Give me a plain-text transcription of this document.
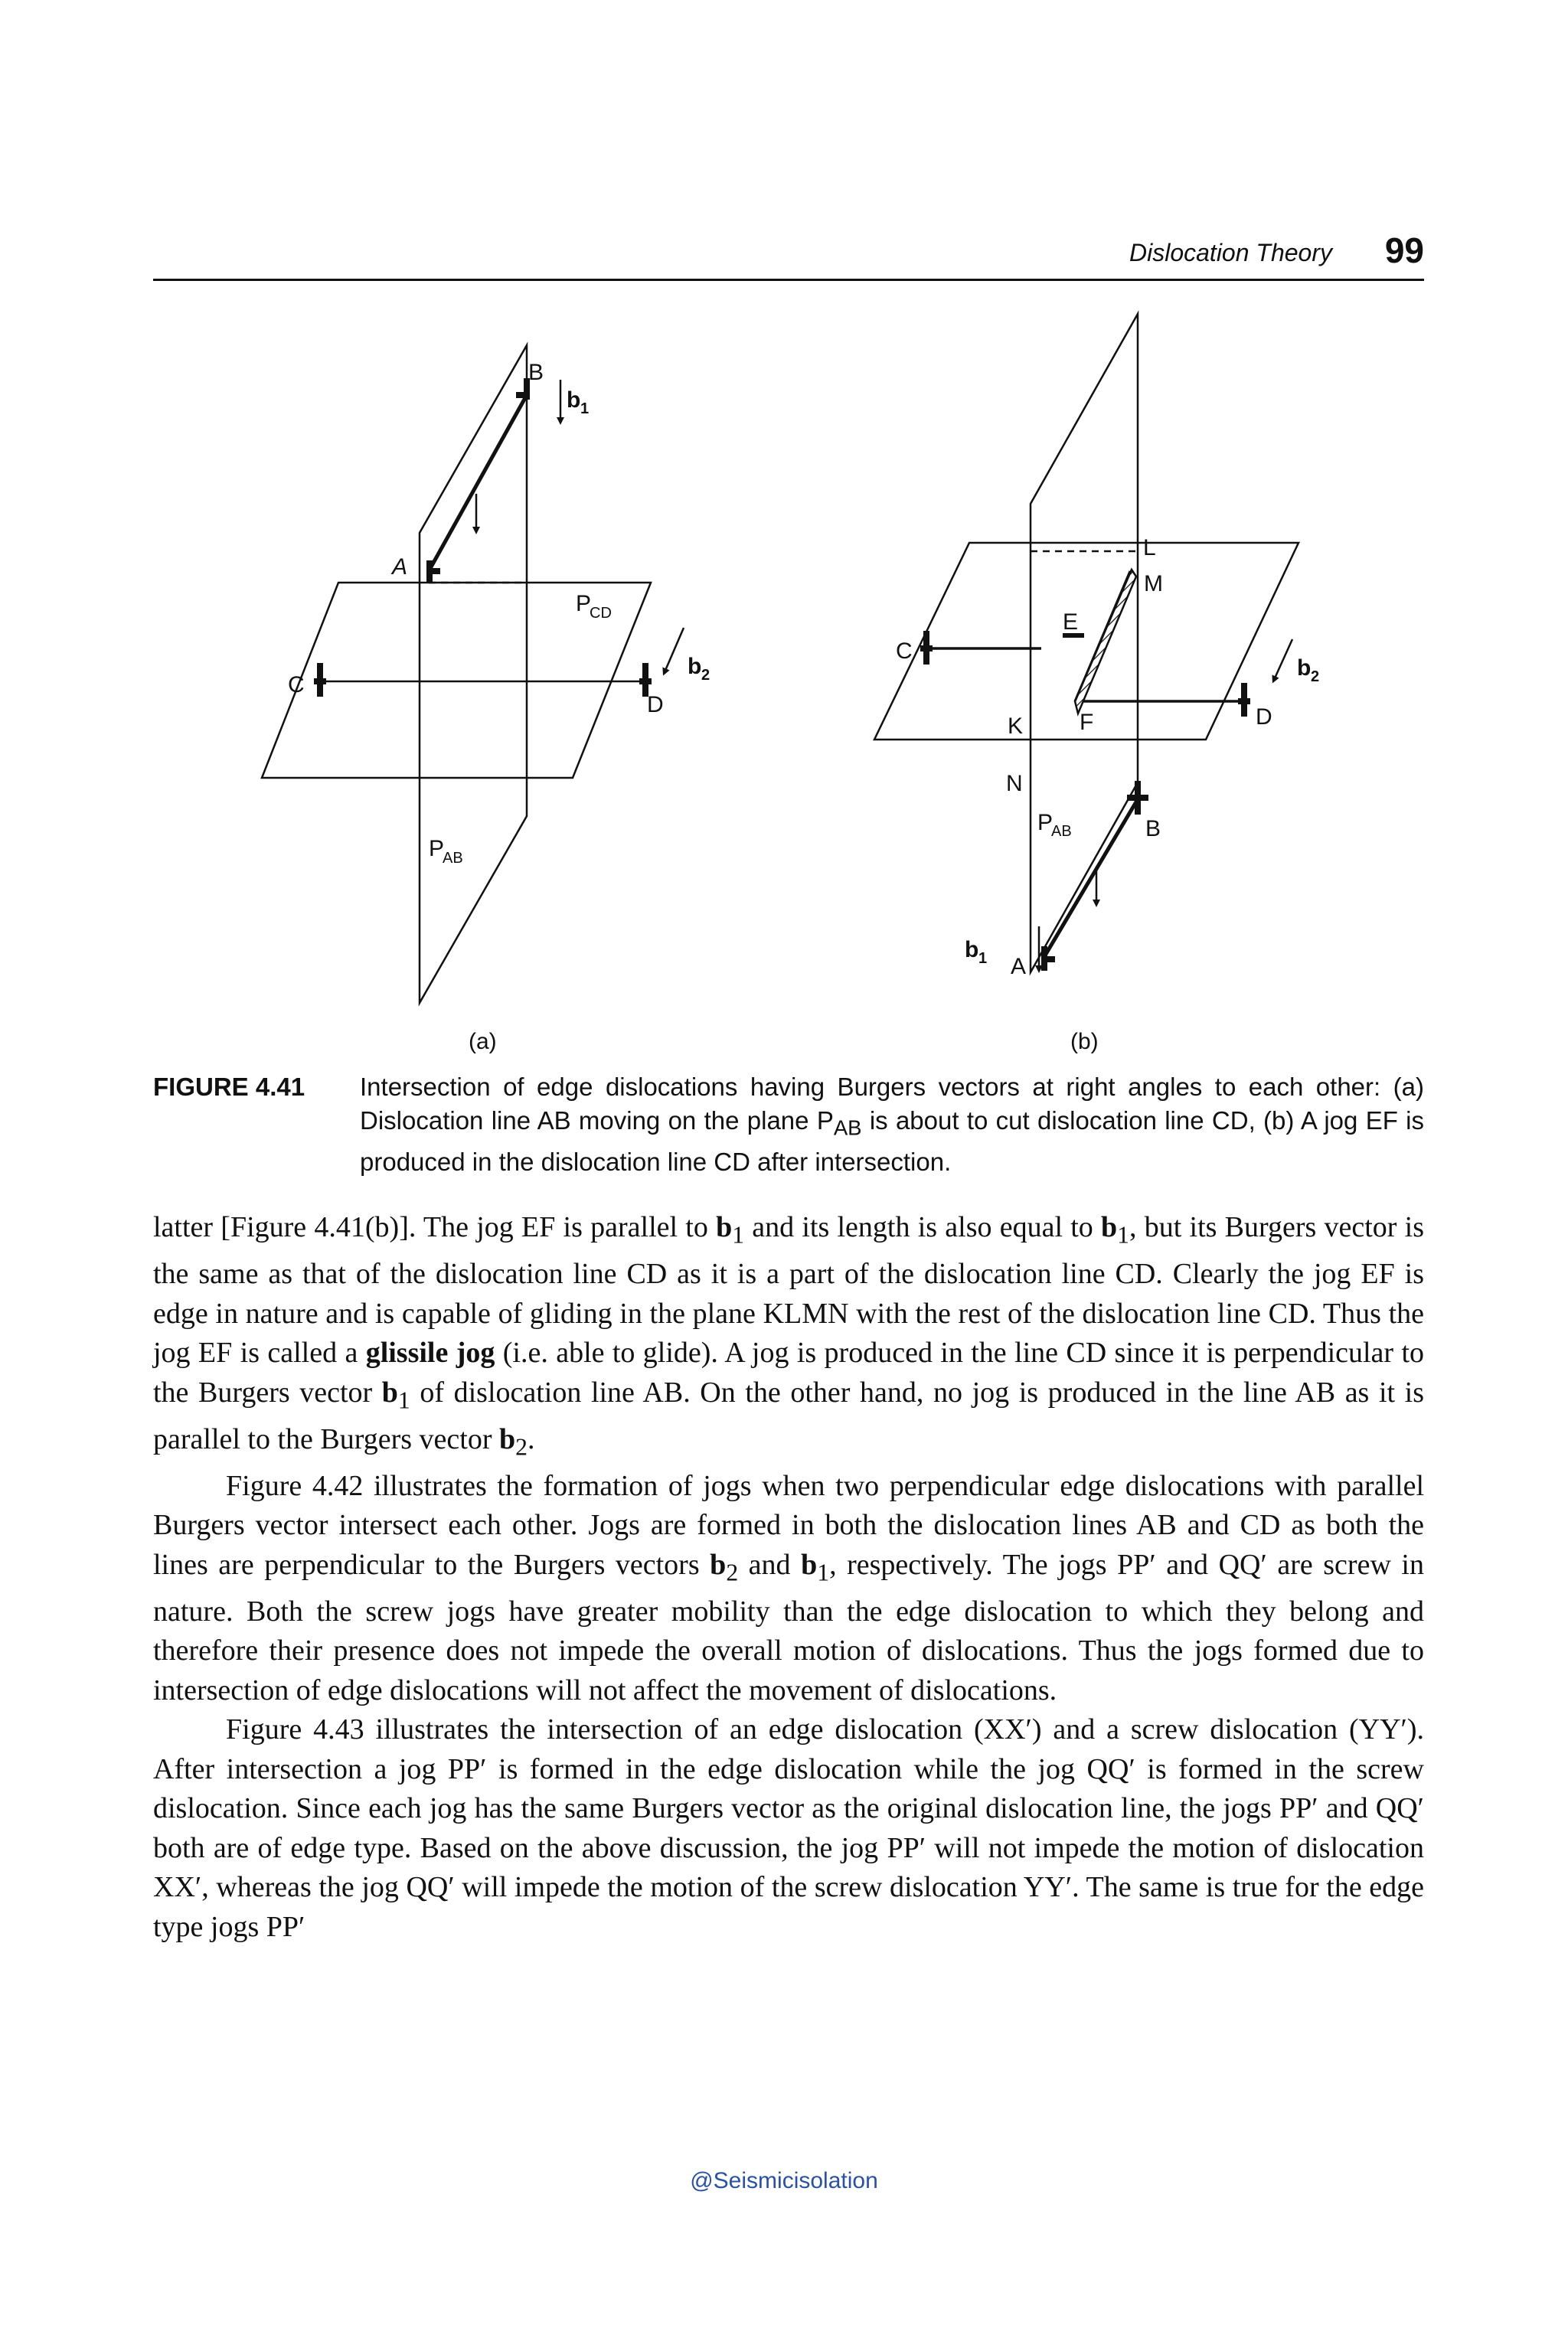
Dislocation Theory 99
B
b 1
A
C
D
b 2
P
CD
P
AB
(a)
L
M
E
C
K F	D
b 2
N
P
AB	B
A
b 1
(b)
FIGURE 4.41 Intersection of edge dislocations having Burgers vectors at right angles to each other: (a) Dislocation line AB moving on the plane $P_{AB}$ is about to cut dislocation line CD, (b) A jog EF is produced in the dislocation line CD after intersection.

latter [Figure 4.41(b)]. The jog EF is parallel to $b_1$ and its length is also equal to $b_1$, but its Burgers vector is the same as that of the dislocation line CD as it is a part of the dislocation line CD. Clearly the jog EF is edge in nature and is capable of gliding in the plane KLMN with the rest of the dislocation line CD. Thus the jog EF is called a glissile jog (i.e. able to glide). A jog is produced in the line CD since it is perpendicular to the Burgers vector $b_1$ of dislocation line AB. On the other hand, no jog is produced in the line AB as it is parallel to the Burgers vector $b_2$.

Figure 4.42 illustrates the formation of jogs when two perpendicular edge dislocations with parallel Burgers vector intersect each other. Jogs are formed in both the dislocation lines AB and CD as both the lines are perpendicular to the Burgers vectors $b_2$ and $b_1$, respectively. The jogs PP′ and QQ′ are screw in nature. Both the screw jogs have greater mobility than the edge dislocation to which they belong and therefore their presence does not impede the overall motion of dislocations. Thus the jogs formed due to intersection of edge dislocations will not affect the movement of dislocations.

Figure 4.43 illustrates the intersection of an edge dislocation (XX′) and a screw dislocation (YY′). After intersection a jog PP′ is formed in the edge dislocation while the jog QQ′ is formed in the screw dislocation. Since each jog has the same Burgers vector as the original dislocation line, the jogs PP′ and QQ′ both are of edge type. Based on the above discussion, the jog PP′ will not impede the motion of dislocation XX′, whereas the jog QQ′ will impede the motion of the screw dislocation YY′. The same is true for the edge type jogs PP′

@Seismicisolation
